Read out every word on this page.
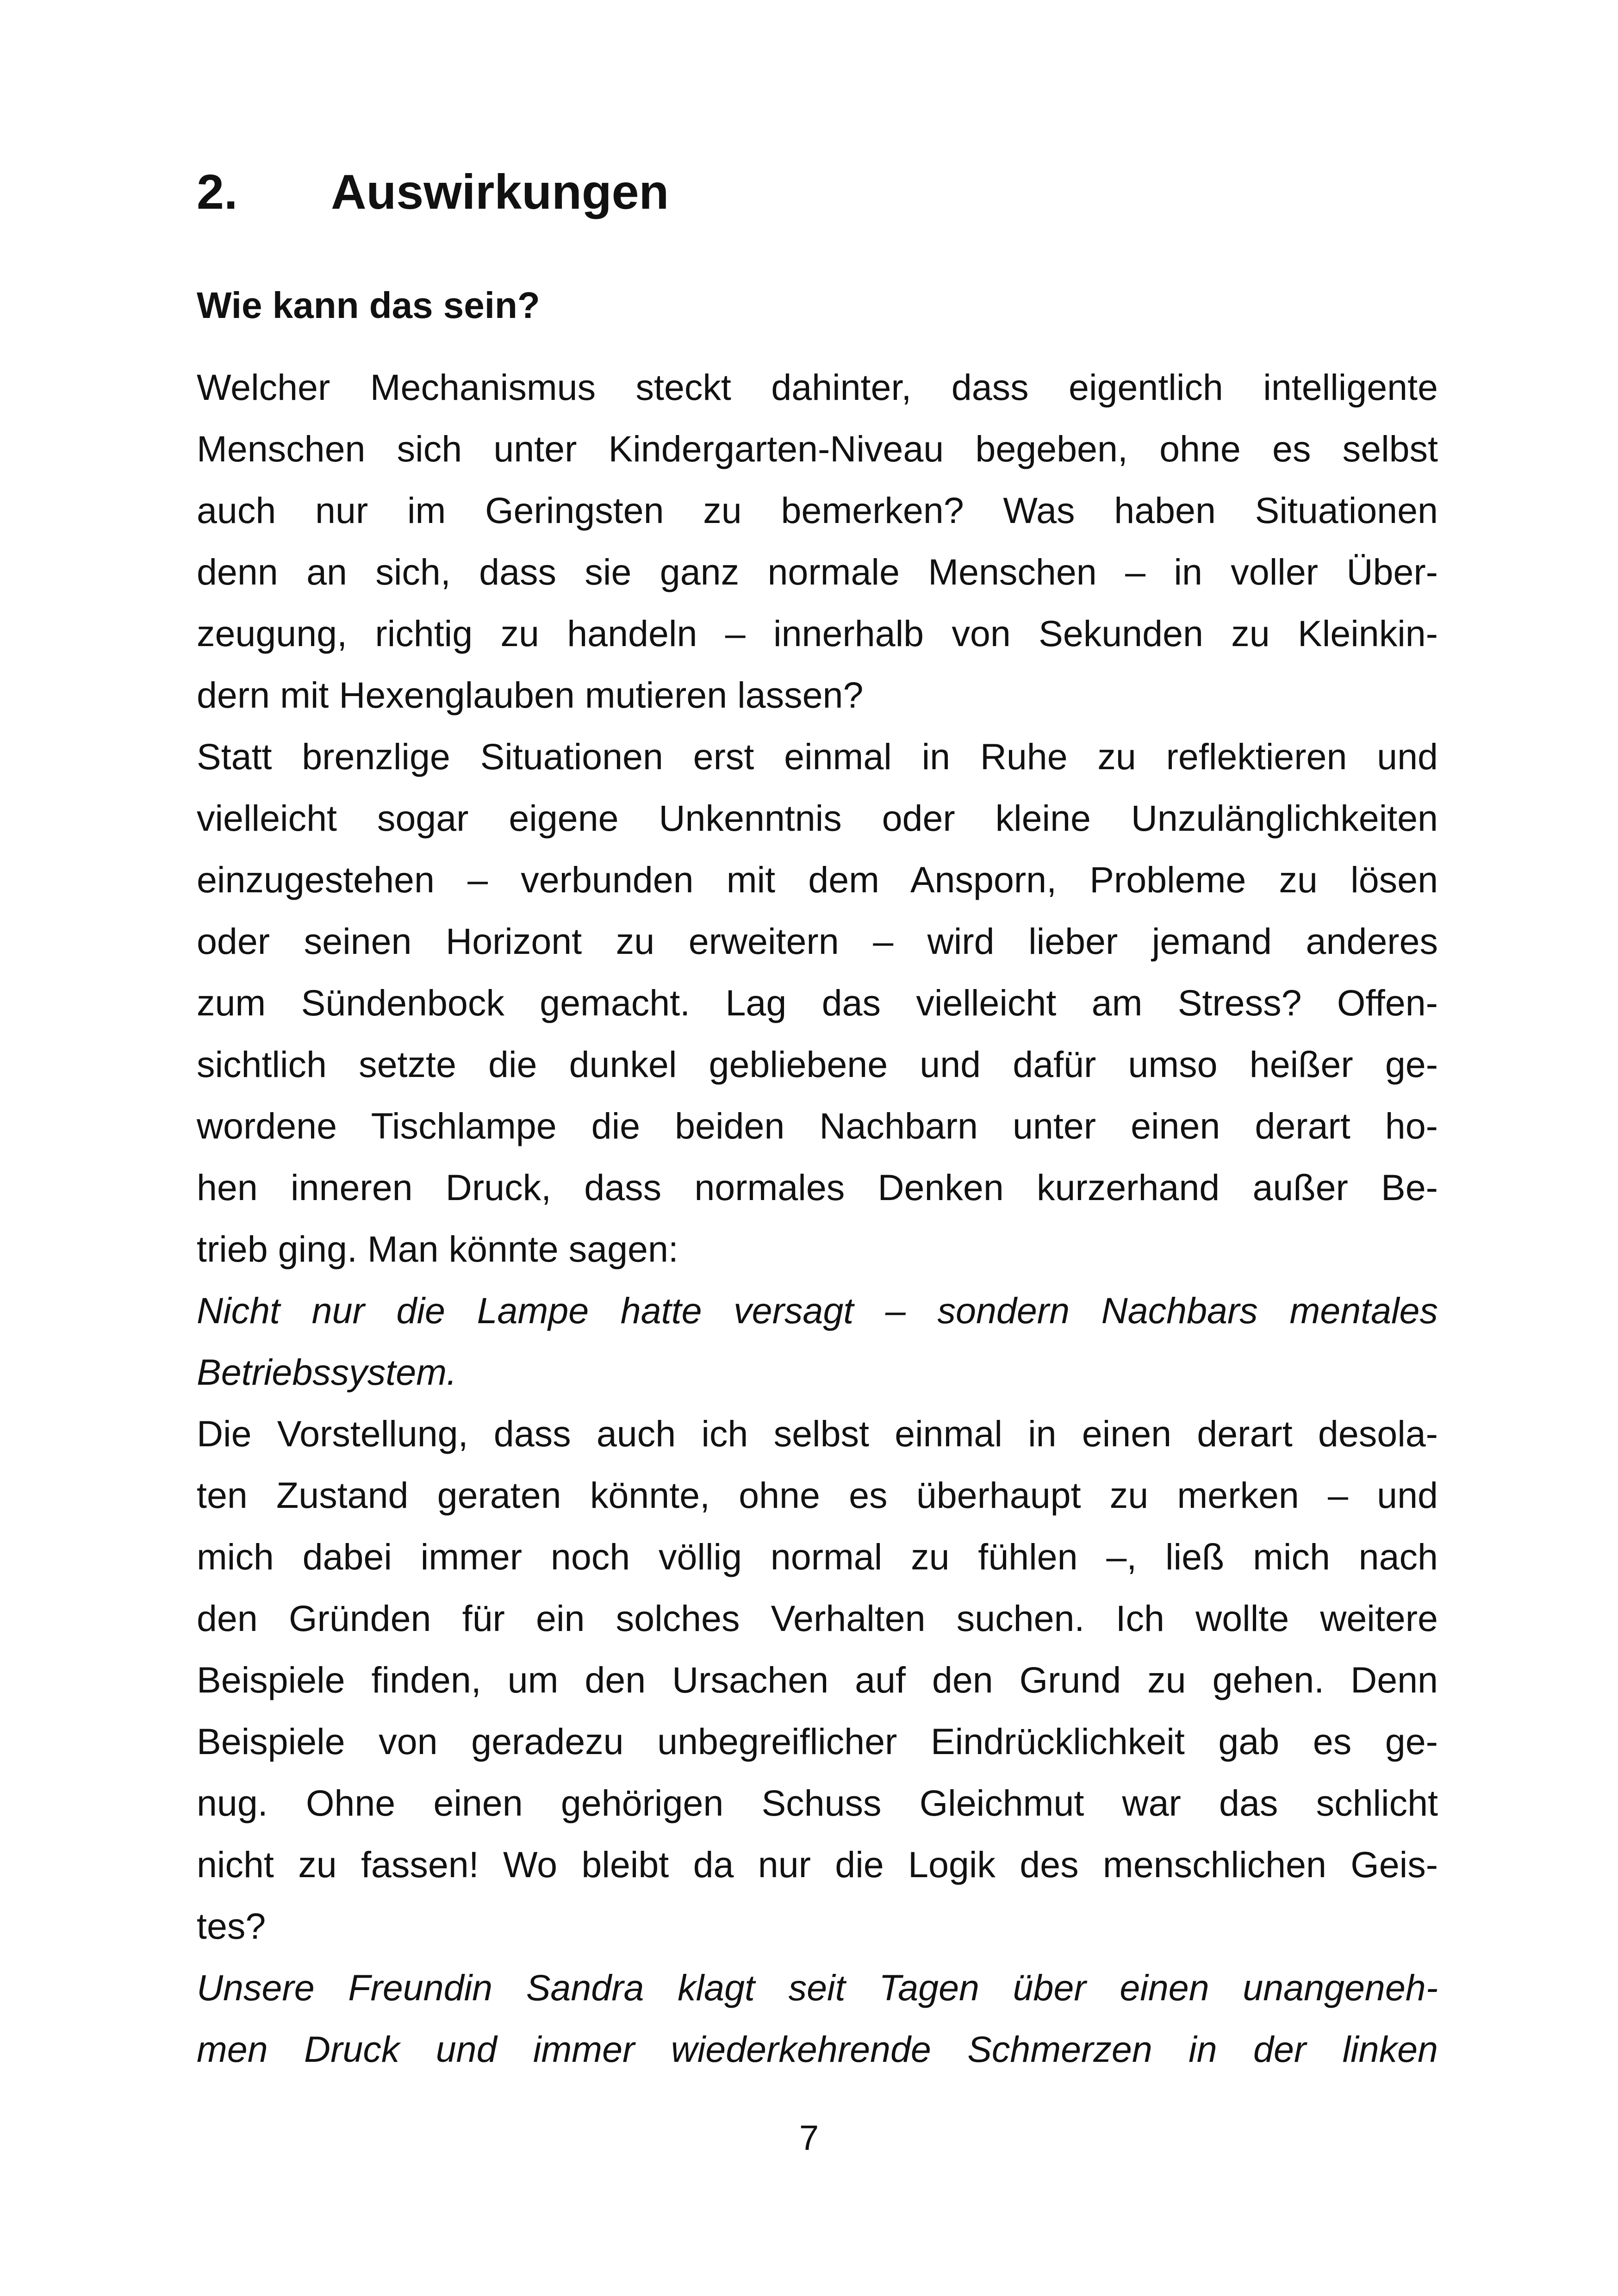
2. Auswirkungen
Wie kann das sein?
Welcher Mechanismus steckt dahinter, dass eigentlich intelligente
Menschen sich unter Kindergarten-Niveau begeben, ohne es selbst
auch nur im Geringsten zu bemerken? Was haben Situationen
denn an sich, dass sie ganz normale Menschen – in voller Über-
zeugung, richtig zu handeln – innerhalb von Sekunden zu Kleinkin-
dern mit Hexenglauben mutieren lassen?
Statt brenzlige Situationen erst einmal in Ruhe zu reflektieren und
vielleicht sogar eigene Unkenntnis oder kleine Unzulänglichkeiten
einzugestehen – verbunden mit dem Ansporn, Probleme zu lösen
oder seinen Horizont zu erweitern – wird lieber jemand anderes
zum Sündenbock gemacht. Lag das vielleicht am Stress? Offen-
sichtlich setzte die dunkel gebliebene und dafür umso heißer ge-
wordene Tischlampe die beiden Nachbarn unter einen derart ho-
hen inneren Druck, dass normales Denken kurzerhand außer Be-
trieb ging. Man könnte sagen:
Nicht nur die Lampe hatte versagt – sondern Nachbars mentales
Betriebssystem.
Die Vorstellung, dass auch ich selbst einmal in einen derart desola-
ten Zustand geraten könnte, ohne es überhaupt zu merken – und
mich dabei immer noch völlig normal zu fühlen –, ließ mich nach
den Gründen für ein solches Verhalten suchen. Ich wollte weitere
Beispiele finden, um den Ursachen auf den Grund zu gehen. Denn
Beispiele von geradezu unbegreiflicher Eindrücklichkeit gab es ge-
nug. Ohne einen gehörigen Schuss Gleichmut war das schlicht
nicht zu fassen! Wo bleibt da nur die Logik des menschlichen Geis-
tes?
Unsere Freundin Sandra klagt seit Tagen über einen unangeneh-
men Druck und immer wiederkehrende Schmerzen in der linken
7
